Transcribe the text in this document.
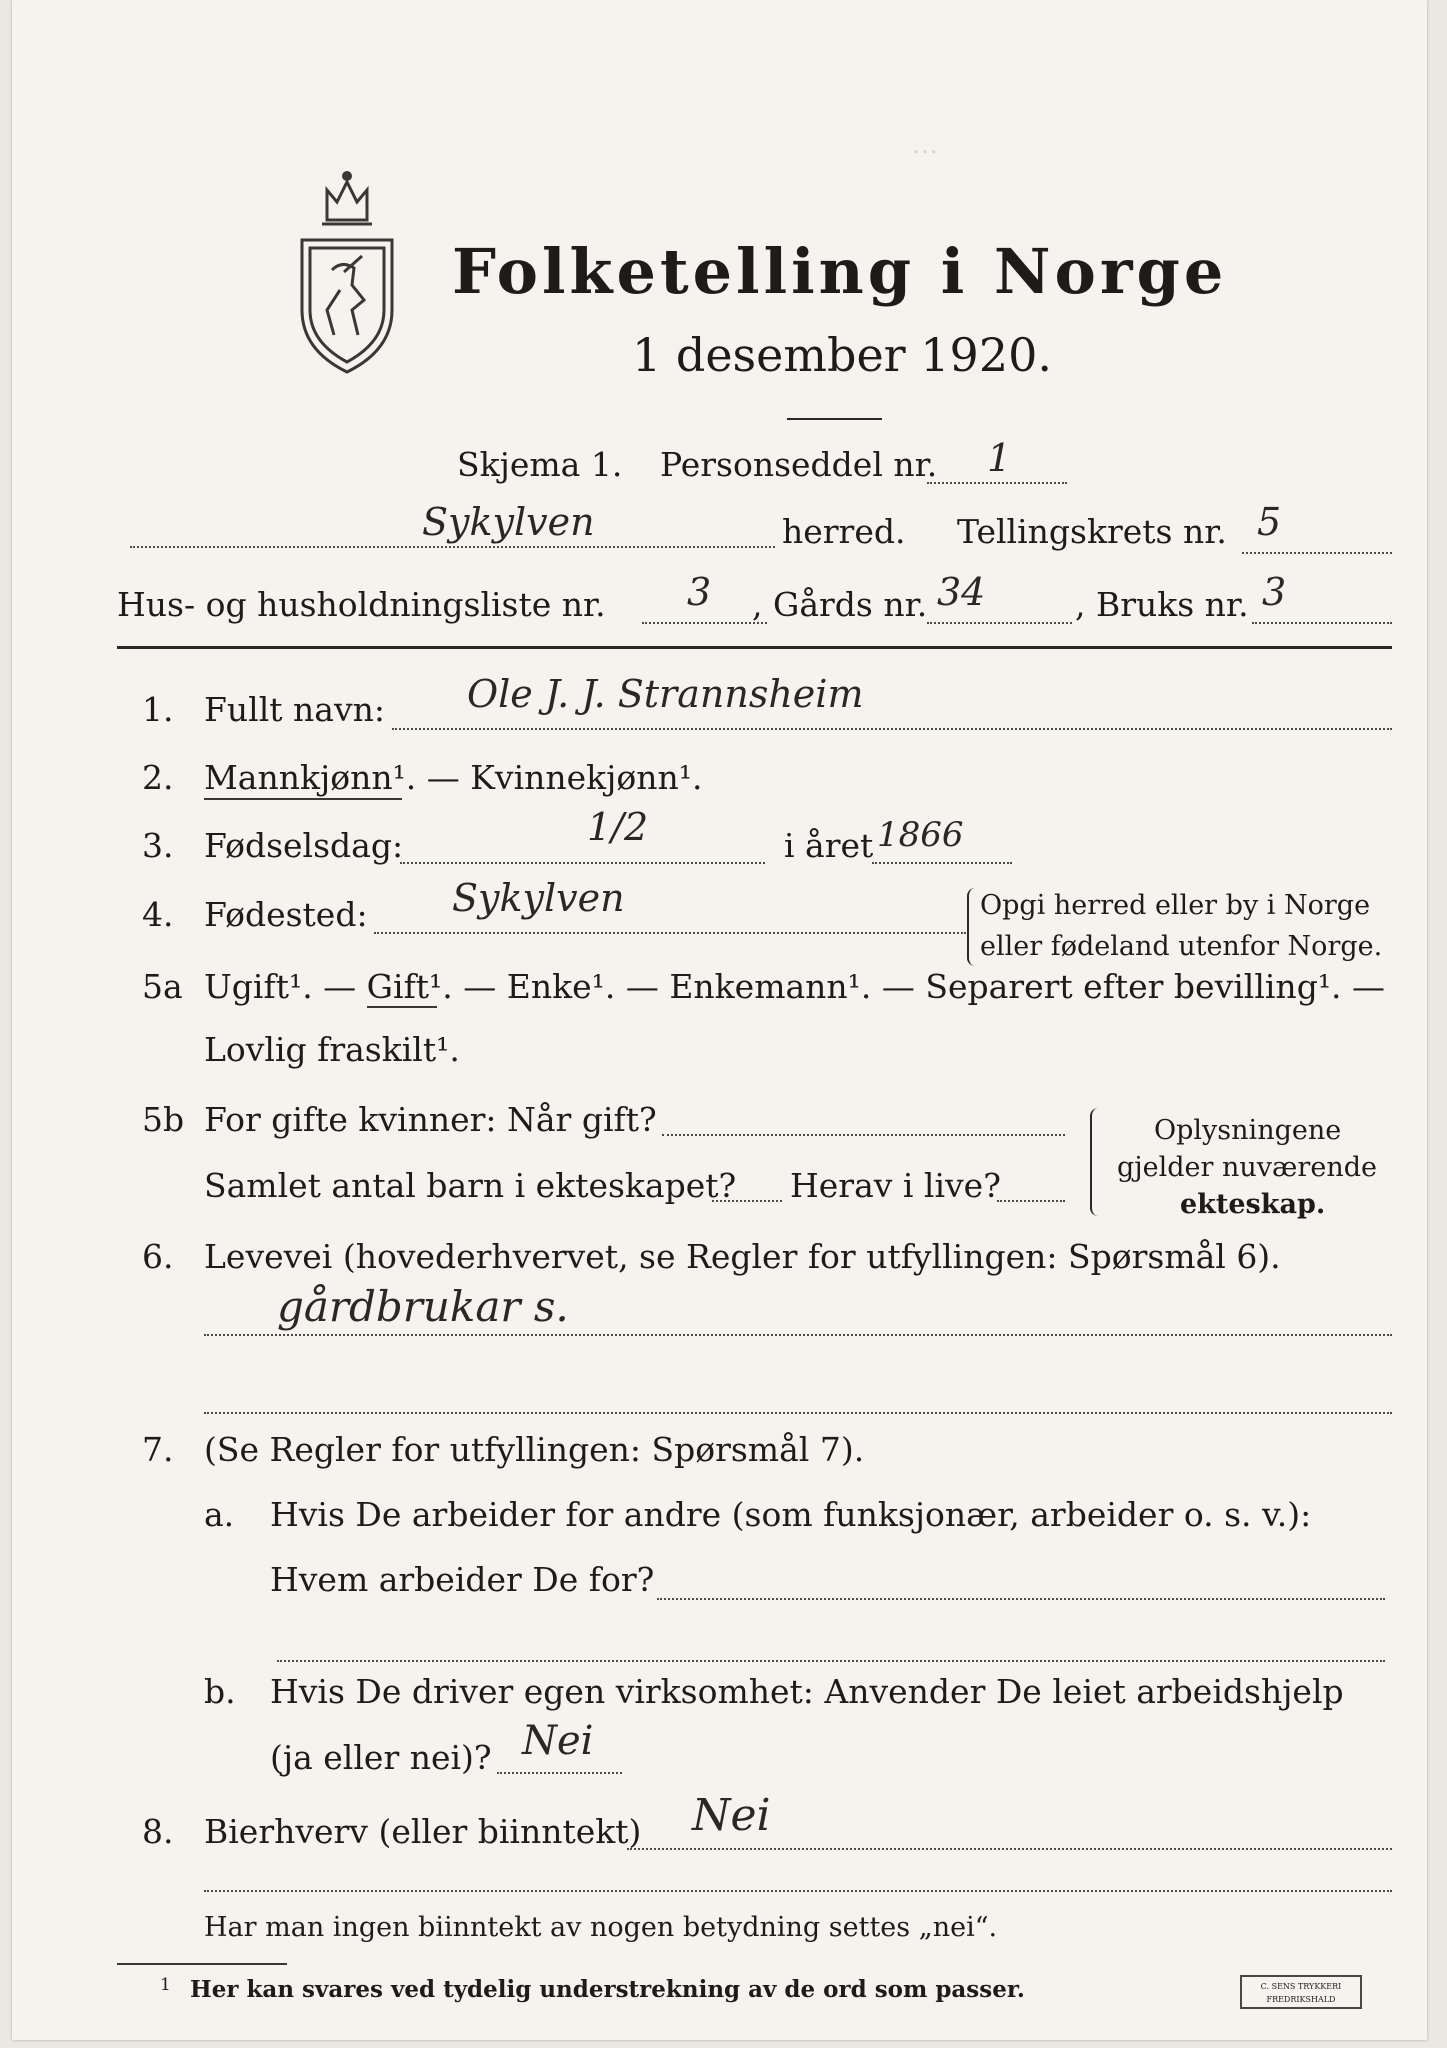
Folketelling i Norge
1 desember 1920.
…
Skjema 1. Personseddel nr. 1
Sykylven	herred. Tellingskrets nr. 5
Hus- og husholdningsliste nr. 3 , Gårds nr. 34	, Bruks nr. 3
1. Fullt navn: Ole J. J. Strannsheim
2. Mannkjønn¹. — Kvinnekjønn¹.
3. Fødselsdag:	1/2	i året 1866
4. Fødested: Sykylven	Opgi herred eller by i Norge
eller fødeland utenfor Norge.
5a Ugift¹. — Gift¹. — Enke¹. — Enkemann¹. — Separert efter bevilling¹. —
Lovlig fraskilt¹.
5b For gifte kvinner: Når gift?
Samlet antal barn i ekteskapet? Herav i live?
Oplysningene
gjelder nuværende
ekteskap.
6. Levevei (hovederhvervet, se Regler for utfyllingen: Spørsmål 6).
gårdbrukar s.
7. (Se Regler for utfyllingen: Spørsmål 7).
a. Hvis De arbeider for andre (som funksjonær, arbeider o. s. v.):
Hvem arbeider De for?
b. Hvis De driver egen virksomhet: Anvender De leiet arbeidshjelp
(ja eller nei)? Nei
8. Bierhverv (eller biinntekt) Nei
Har man ingen biinntekt av nogen betydning settes „nei“.
1 Her kan svares ved tydelig understrekning av de ord som passer.	C. SENS TRYKKERI
FREDRIKSHALD
